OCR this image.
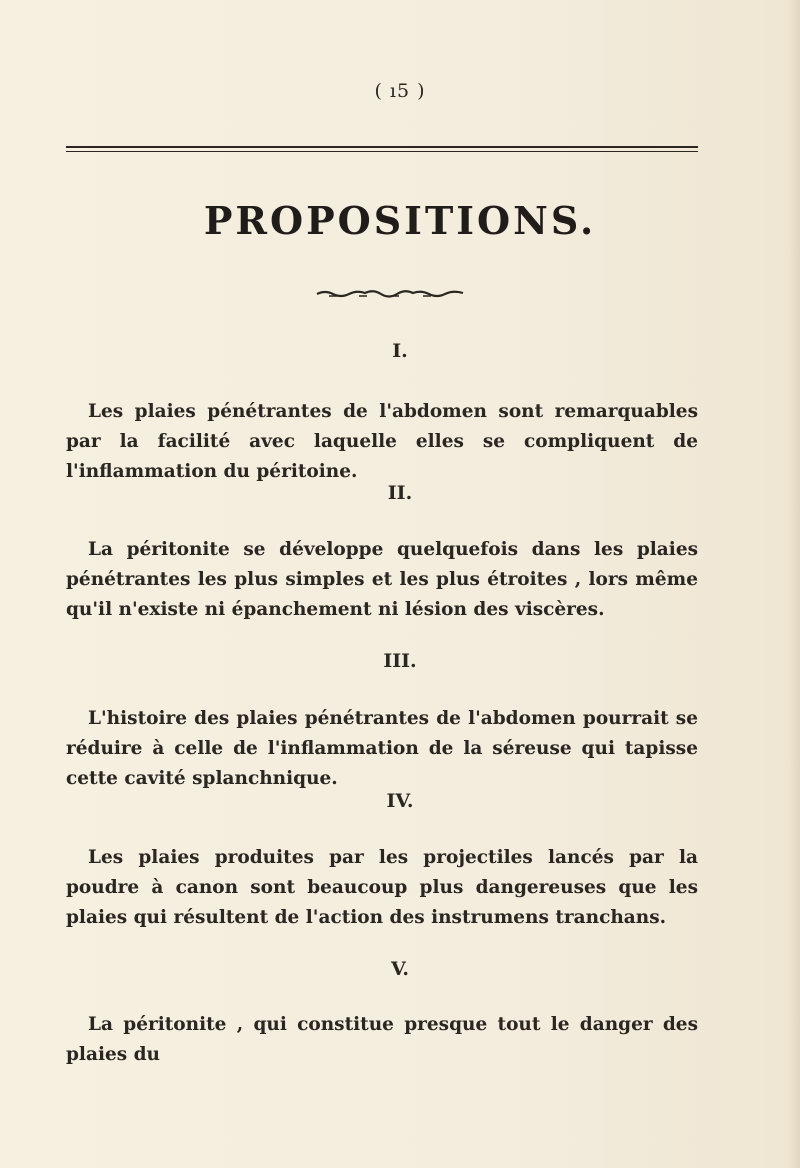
( ı5 )
PROPOSITIONS.
I.
Les plaies pénétrantes de l'abdomen sont remarquables par la facilité avec laquelle elles se compliquent de l'inflammation du péritoine.
II.
La péritonite se développe quelquefois dans les plaies pénétrantes les plus simples et les plus étroites , lors même qu'il n'existe ni épanchement ni lésion des viscères.
III.
L'histoire des plaies pénétrantes de l'abdomen pourrait se réduire à celle de l'inflammation de la séreuse qui tapisse cette cavité splanchnique.
IV.
Les plaies produites par les projectiles lancés par la poudre à canon sont beaucoup plus dangereuses que les plaies qui résultent de l'action des instrumens tranchans.
V.
La péritonite , qui constitue presque tout le danger des plaies du
